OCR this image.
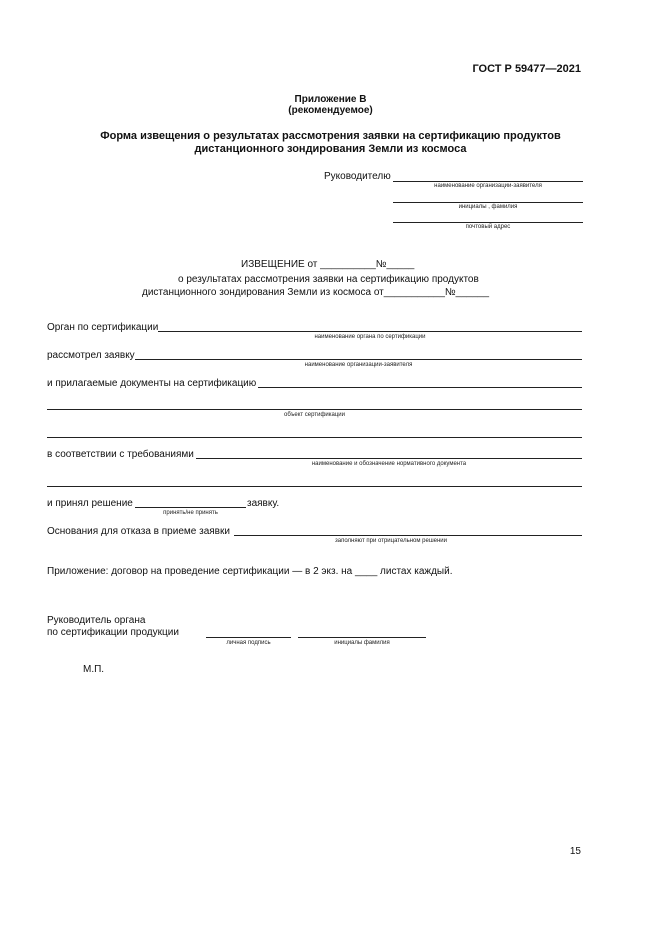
ГОСТ Р 59477—2021
Приложение В
(рекомендуемое)
Форма извещения о результатах рассмотрения заявки на сертификацию продуктов
дистанционного зондирования Земли из космоса
Руководителю
наименование организации-заявителя
инициалы , фамилия
почтовый адрес
ИЗВЕЩЕНИЕ от __________№_____
о результатах рассмотрения заявки на сертификацию продуктов
дистанционного зондирования Земли из космоса от___________№______
Орган по сертификации
наименование органа по сертификации
рассмотрел заявку
наименование организации-заявителя
и прилагаемые документы на сертификацию
объект сертификации
в соответствии с требованиями
наименование и обозначение нормативного документа
и принял решение	заявку.
принять/не принять
Основания для отказа в приеме заявки
заполняют при отрицательном решении
Приложение: договор на проведение сертификации — в 2 экз. на ____ листах каждый.
Руководитель органа
по сертификации продукции
личная подпись	инициалы фамилия
М.П.
15
